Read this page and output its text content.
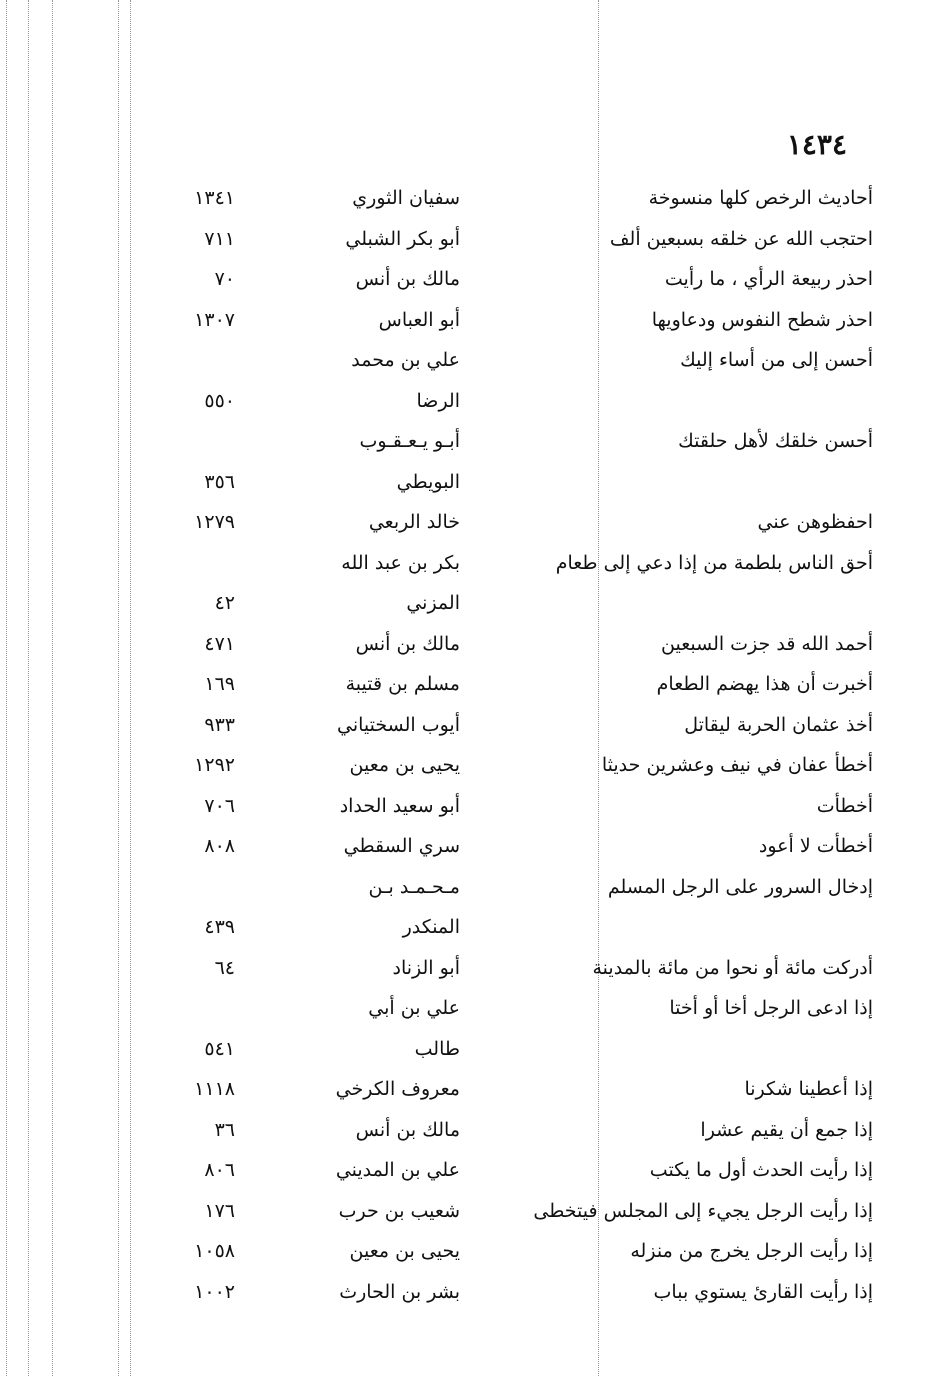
١٤٣٤
أحاديث الرخص كلها منسوخة
سفيان الثوري
١٣٤١
احتجب الله عن خلقه بسبعين ألف
أبو بكر الشبلي
٧١١
احذر ربيعة الرأي ، ما رأيت
مالك بن أنس
٧٠
احذر شطح النفوس ودعاويها
أبو العباس
١٣٠٧
أحسن إلى من أساء إليك
علي بن محمد
الرضا
٥٥٠
أحسن خلقك لأهل حلقتك
أبـو يـعـقـوب
البويطي
٣٥٦
احفظوهن عني
خالد الربعي
١٢٧٩
أحق الناس بلطمة من إذا دعي إلى طعام
بكر بن عبد الله
المزني
٤٢
أحمد الله قد جزت السبعين
مالك بن أنس
٤٧١
أخبرت أن هذا يهضم الطعام
مسلم بن قتيبة
١٦٩
أخذ عثمان الحربة ليقاتل
أيوب السختياني
٩٣٣
أخطأ عفان في نيف وعشرين حديثا
يحيى بن معين
١٢٩٢
أخطأت
أبو سعيد الحداد
٧٠٦
أخطأت لا أعود
سري السقطي
٨٠٨
إدخال السرور على الرجل المسلم
مـحـمـد بـن
المنكدر
٤٣٩
أدركت مائة أو نحوا من مائة بالمدينة
أبو الزناد
٦٤
إذا ادعى الرجل أخا أو أختا
علي بن أبي
طالب
٥٤١
إذا أعطينا شكرنا
معروف الكرخي
١١١٨
إذا جمع أن يقيم عشرا
مالك بن أنس
٣٦
إذا رأيت الحدث أول ما يكتب
علي بن المديني
٨٠٦
إذا رأيت الرجل يجيء إلى المجلس فيتخطى
شعيب بن حرب
١٧٦
إذا رأيت الرجل يخرج من منزله
يحيى بن معين
١٠٥٨
إذا رأيت القارئ يستوي بباب
بشر بن الحارث
١٠٠٢
